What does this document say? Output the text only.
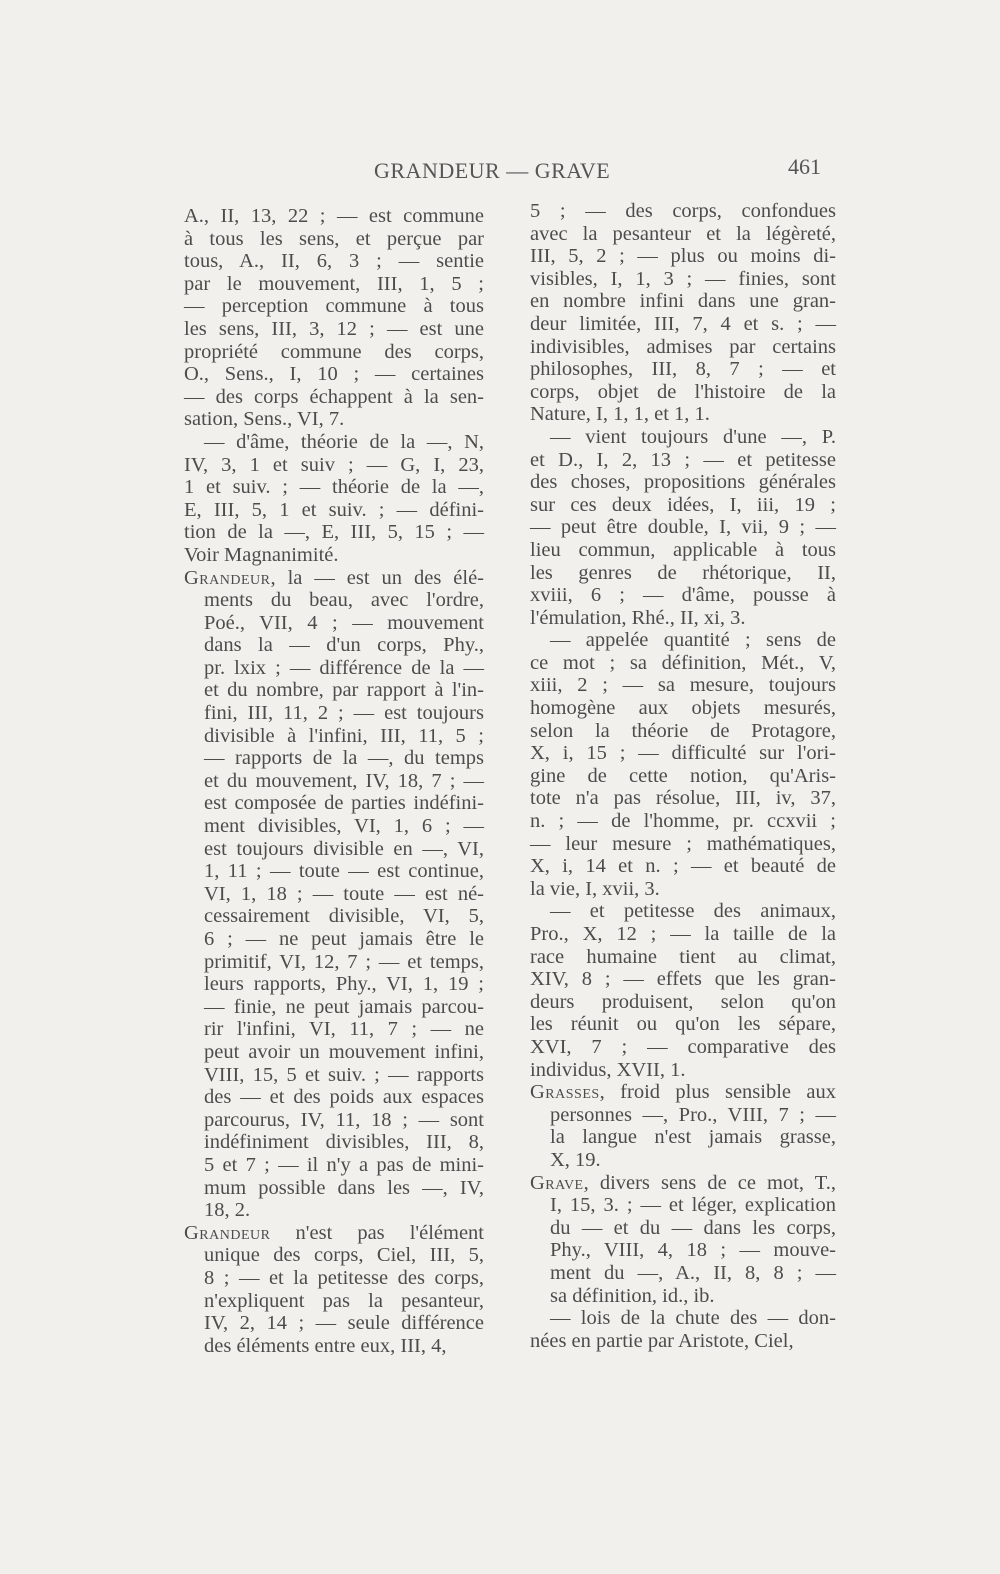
GRANDEUR — GRAVE	461
A., II, 13, 22 ; — est commune
à tous les sens, et perçue par
tous, A., II, 6, 3 ; — sentie
par le mouvement, III, 1, 5 ;
— perception commune à tous
les sens, III, 3, 12 ; — est une
propriété commune des corps,
O., Sens., I, 10 ; — certaines
— des corps échappent à la sen-
sation, Sens., VI, 7.
— d'âme, théorie de la —, N,
IV, 3, 1 et suiv ; — G, I, 23,
1 et suiv. ; — théorie de la —,
E, III, 5, 1 et suiv. ; — défini-
tion de la —, E, III, 5, 15 ; —
Voir Magnanimité.
Grandeur, la — est un des élé-
ments du beau, avec l'ordre,
Poé., VII, 4 ; — mouvement
dans la — d'un corps, Phy.,
pr. lxix ; — différence de la —
et du nombre, par rapport à l'in-
fini, III, 11, 2 ; — est toujours
divisible à l'infini, III, 11, 5 ;
— rapports de la —, du temps
et du mouvement, IV, 18, 7 ; —
est composée de parties indéfini-
ment divisibles, VI, 1, 6 ; —
est toujours divisible en —, VI,
1, 11 ; — toute — est continue,
VI, 1, 18 ; — toute — est né-
cessairement divisible, VI, 5,
6 ; — ne peut jamais être le
primitif, VI, 12, 7 ; — et temps,
leurs rapports, Phy., VI, 1, 19 ;
— finie, ne peut jamais parcou-
rir l'infini, VI, 11, 7 ; — ne
peut avoir un mouvement infini,
VIII, 15, 5 et suiv. ; — rapports
des — et des poids aux espaces
parcourus, IV, 11, 18 ; — sont
indéfiniment divisibles, III, 8,
5 et 7 ; — il n'y a pas de mini-
mum possible dans les —, IV,
18, 2.
Grandeur n'est pas l'élément
unique des corps, Ciel, III, 5,
8 ; — et la petitesse des corps,
n'expliquent pas la pesanteur,
IV, 2, 14 ; — seule différence
des éléments entre eux, III, 4,
5 ; — des corps, confondues
avec la pesanteur et la légèreté,
III, 5, 2 ; — plus ou moins di-
visibles, I, 1, 3 ; — finies, sont
en nombre infini dans une gran-
deur limitée, III, 7, 4 et s. ; —
indivisibles, admises par certains
philosophes, III, 8, 7 ; — et
corps, objet de l'histoire de la
Nature, I, 1, 1, et 1, 1.
— vient toujours d'une —, P.
et D., I, 2, 13 ; — et petitesse
des choses, propositions générales
sur ces deux idées, I, iii, 19 ;
— peut être double, I, vii, 9 ; —
lieu commun, applicable à tous
les genres de rhétorique, II,
xviii, 6 ; — d'âme, pousse à
l'émulation, Rhé., II, xi, 3.
— appelée quantité ; sens de
ce mot ; sa définition, Mét., V,
xiii, 2 ; — sa mesure, toujours
homogène aux objets mesurés,
selon la théorie de Protagore,
X, i, 15 ; — difficulté sur l'ori-
gine de cette notion, qu'Aris-
tote n'a pas résolue, III, iv, 37,
n. ; — de l'homme, pr. ccxvii ;
— leur mesure ; mathématiques,
X, i, 14 et n. ; — et beauté de
la vie, I, xvii, 3.
— et petitesse des animaux,
Pro., X, 12 ; — la taille de la
race humaine tient au climat,
XIV, 8 ; — effets que les gran-
deurs produisent, selon qu'on
les réunit ou qu'on les sépare,
XVI, 7 ; — comparative des
individus, XVII, 1.
Grasses, froid plus sensible aux
personnes —, Pro., VIII, 7 ; —
la langue n'est jamais grasse,
X, 19.
Grave, divers sens de ce mot, T.,
I, 15, 3. ; — et léger, explication
du — et du — dans les corps,
Phy., VIII, 4, 18 ; — mouve-
ment du —, A., II, 8, 8 ; —
sa définition, id., ib.
— lois de la chute des — don-
nées en partie par Aristote, Ciel,
